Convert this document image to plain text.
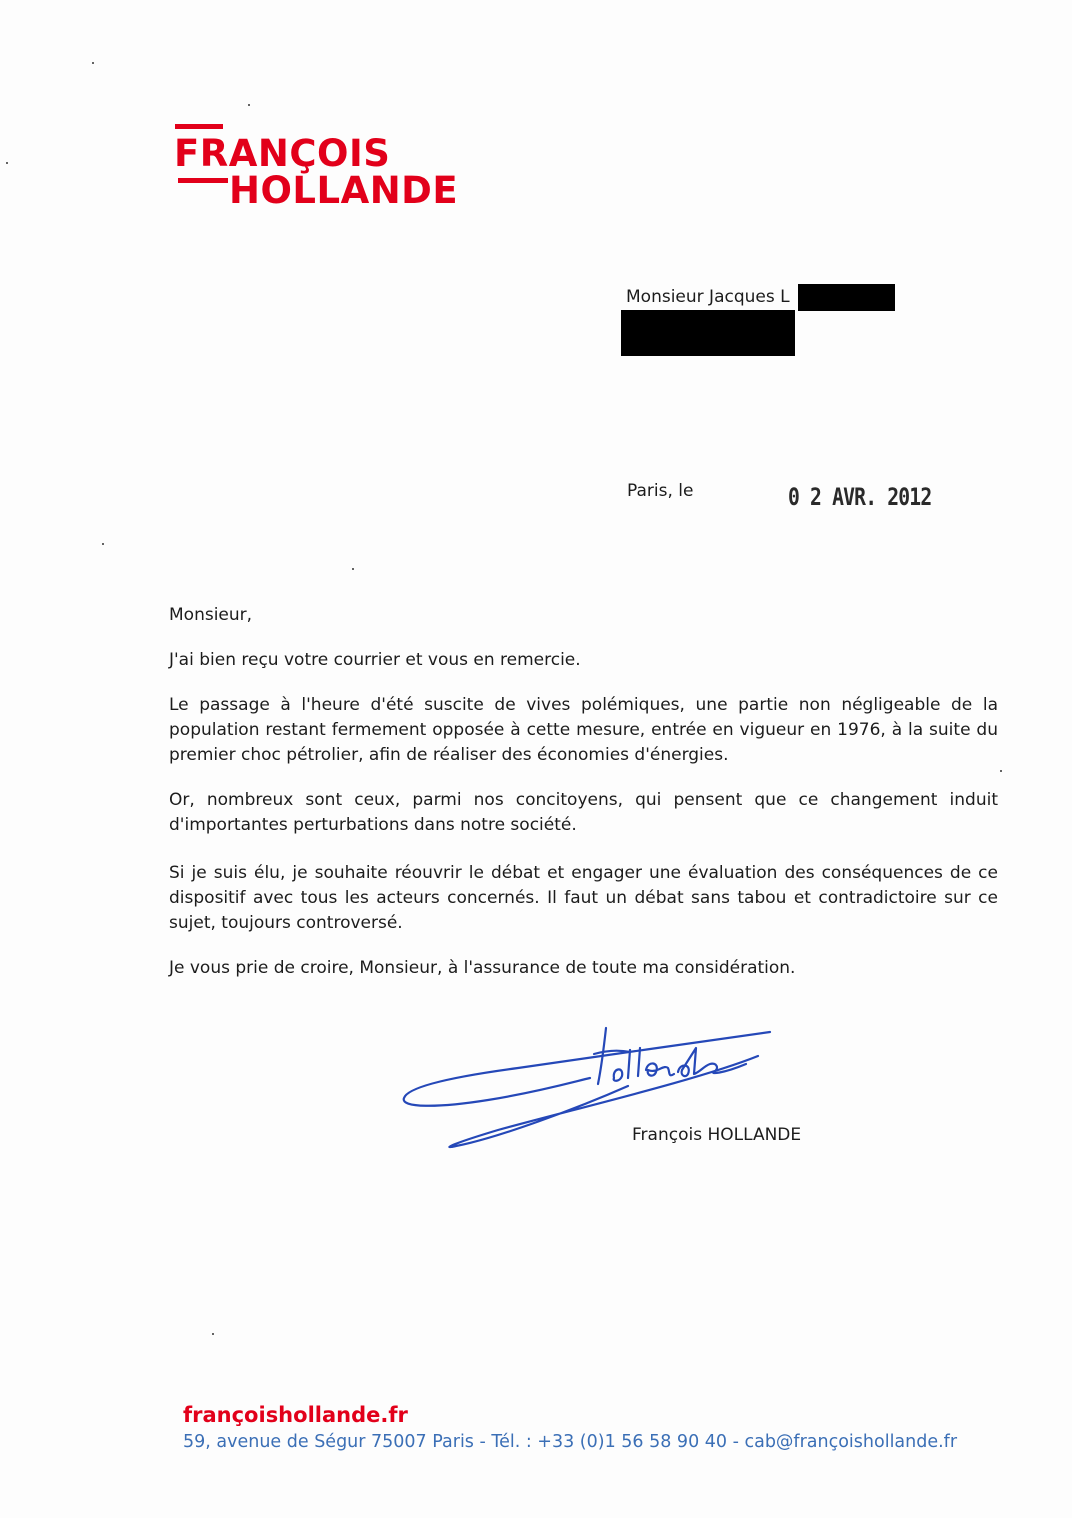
FRANÇOIS
HOLLANDE
Monsieur Jacques L
Paris, le	0 2 AVR. 2012
Monsieur,
J'ai bien reçu votre courrier et vous en remercie.
Le passage à l'heure d'été suscite de vives polémiques, une partie non négligeable de la population restant fermement opposée à cette mesure, entrée en vigueur en 1976, à la suite du premier choc pétrolier, afin de réaliser des économies d'énergies.
Or, nombreux sont ceux, parmi nos concitoyens, qui pensent que ce changement induit d'importantes perturbations dans notre société.
Si je suis élu, je souhaite réouvrir le débat et engager une évaluation des conséquences de ce dispositif avec tous les acteurs concernés. Il faut un débat sans tabou et contradictoire sur ce sujet, toujours controversé.
Je vous prie de croire, Monsieur, à l'assurance de toute ma considération.
François HOLLANDE
françoishollande.fr
59, avenue de Ségur 75007 Paris - Tél. : +33 (0)1 56 58 90 40 - cab@françoishollande.fr
